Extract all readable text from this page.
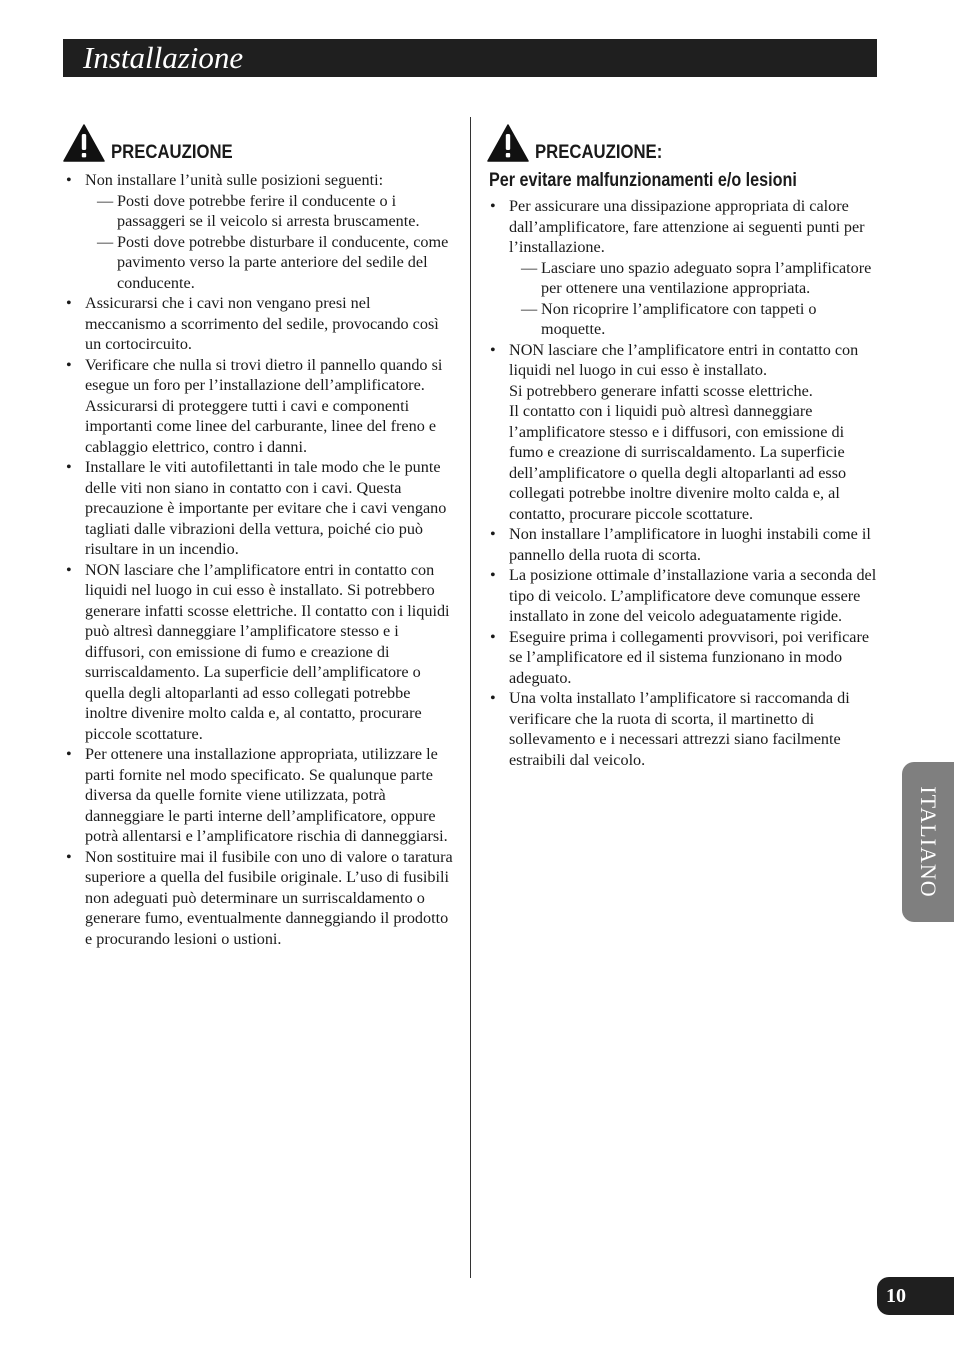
Installazione
PRECAUZIONE
• Non installare l’unità sulle posizioni seguenti:
— Posti dove potrebbe ferire il conducente o i passaggeri se il veicolo si arresta bruscamente.
— Posti dove potrebbe disturbare il conducente, come pavimento verso la parte anteriore del sedile del conducente.
• Assicurarsi che i cavi non vengano presi nel meccanismo a scorrimento del sedile, provocando così un cortocircuito.
• Verificare che nulla si trovi dietro il pannello quando si esegue un foro per l’installazione dell’amplificatore. Assicurarsi di proteggere tutti i cavi e componenti importanti come linee del carburante, linee del freno e cablaggio elettrico, contro i danni.
• Installare le viti autofilettanti in tale modo che le punte delle viti non siano in contatto con i cavi. Questa precauzione è importante per evitare che i cavi vengano tagliati dalle vibrazioni della vettura, poiché cio può risultare in un incendio.
• NON lasciare che l’amplificatore entri in contatto con liquidi nel luogo in cui esso è installato. Si potrebbero generare infatti scosse elettriche. Il contatto con i liquidi può altresì danneggiare l’amplificatore stesso e i diffusori, con emissione di fumo e creazione di surriscaldamento. La superficie dell’amplificatore o quella degli altoparlanti ad esso collegati potrebbe inoltre divenire molto calda e, al contatto, procurare piccole scottature.
• Per ottenere una installazione appropriata, utilizzare le parti fornite nel modo specificato. Se qualunque parte diversa da quelle fornite viene utilizzata, potrà danneggiare le parti interne dell’amplificatore, oppure potrà allentarsi e l’amplificatore rischia di danneggiarsi.
• Non sostituire mai il fusibile con uno di valore o taratura superiore a quella del fusibile originale. L’uso di fusibili non adeguati può determinare un surriscaldamento o generare fumo, eventualmente danneggiando il prodotto e procurando lesioni o ustioni.
PRECAUZIONE:
Per evitare malfunzionamenti e/o lesioni
• Per assicurare una dissipazione appropriata di calore dall’amplificatore, fare attenzione ai seguenti punti per l’installazione.
— Lasciare uno spazio adeguato sopra l’amplificatore per ottenere una ventilazione appropriata.
— Non ricoprire l’amplificatore con tappeti o moquette.
• NON lasciare che l’amplificatore entri in contatto con liquidi nel luogo in cui esso è installato.
Si potrebbero generare infatti scosse elettriche.
Il contatto con i liquidi può altresì danneggiare l’amplificatore stesso e i diffusori, con emissione di fumo e creazione di surriscaldamento. La superficie dell’amplificatore o quella degli altoparlanti ad esso collegati potrebbe inoltre divenire molto calda e, al contatto, procurare piccole scottature.
• Non installare l’amplificatore in luoghi instabili come il pannello della ruota di scorta.
• La posizione ottimale d’installazione varia a seconda del tipo di veicolo. L’amplificatore deve comunque essere installato in zone del veicolo adeguatamente rigide.
• Eseguire prima i collegamenti provvisori, poi verificare se l’amplificatore ed il sistema funzionano in modo adeguato.
• Una volta installato l’amplificatore si raccomanda di verificare che la ruota di scorta, il martinetto di sollevamento e i necessari attrezzi siano facilmente estraibili dal veicolo.
ITALIANO
10
